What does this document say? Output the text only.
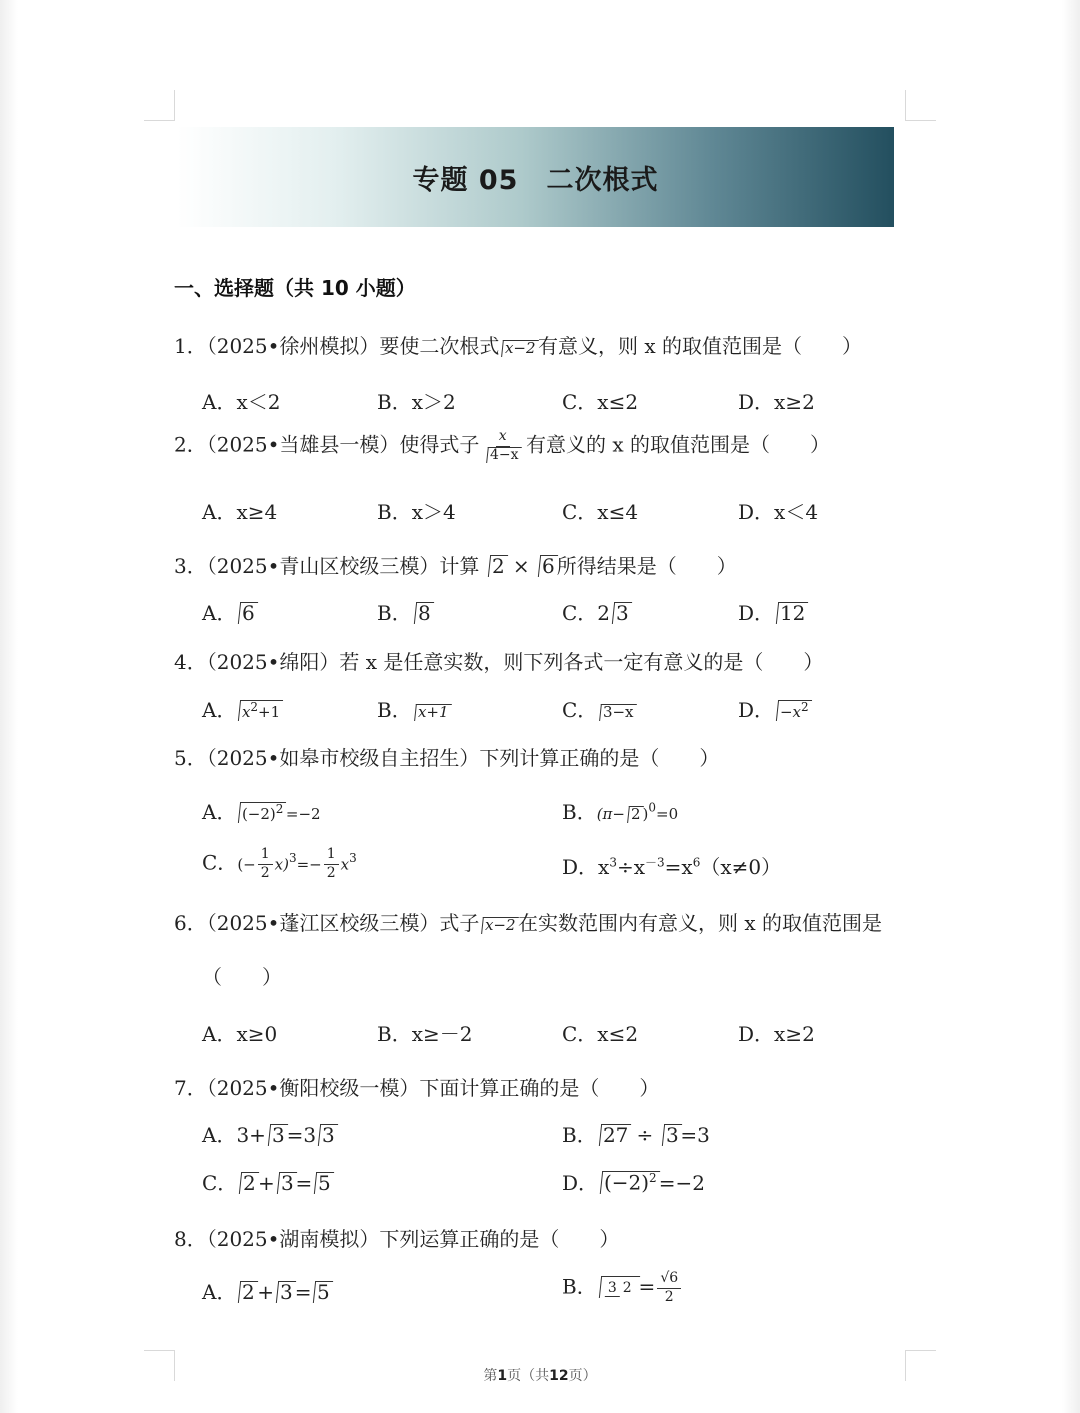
专题 05　二次根式
一、选择题（共 10 小题）
1．（2025•徐州模拟）要使二次根式 x−2 有意义，则 x 的取值范围是（　　）
A．x＜2	B．x＞2	C．x≤2	D．x≥2
2．（2025•当雄县一模）使得式子 $\frac{x}{4-x}$ 有意义的 x 的取值范围是（　　）
A．x≥4	B．x＞4	C．x≤4	D．x＜4
3．（2025•青山区校级三模）计算 2 × 6 所得结果是（　　）
A． 6	B． 8	C．2 3	D． 12
4．（2025•绵阳）若 x 是任意实数，则下列各式一定有意义的是（　　）
A． $x^2+1$	B． x+1	C． 3−x	D． $-x^2$
5．（2025•如皋市校级自主招生）下列计算正确的是（　　）
A． $(-2)^2 =-2$	B．(π− 2 )$^0$=0
C．(− $\frac{1}{2} x)^3=- \frac{1}{2} x^3$	D．$x^3\div x^{-3}=x^6(x\ne 0)$
6．（2025•蓬江区校级三模）式子 x−2 在实数范围内有意义，则 x 的取值范围是
（　　）
A．x≥0	B．x≥－2	C．x≤2	D．x≥2
7．（2025•衡阳校级一模）下面计算正确的是（　　）
A．3+ 3 =3 3	B． 27 ÷ 3 =3
C． 2 + 3 = 5	D． $(-2)^2 =-2$
8．（2025•湖南模拟）下列运算正确的是（　　）
A． 2 + 3 = 5	B． 3 $2 = \frac{√6}{2}$
第1页（共12页）
